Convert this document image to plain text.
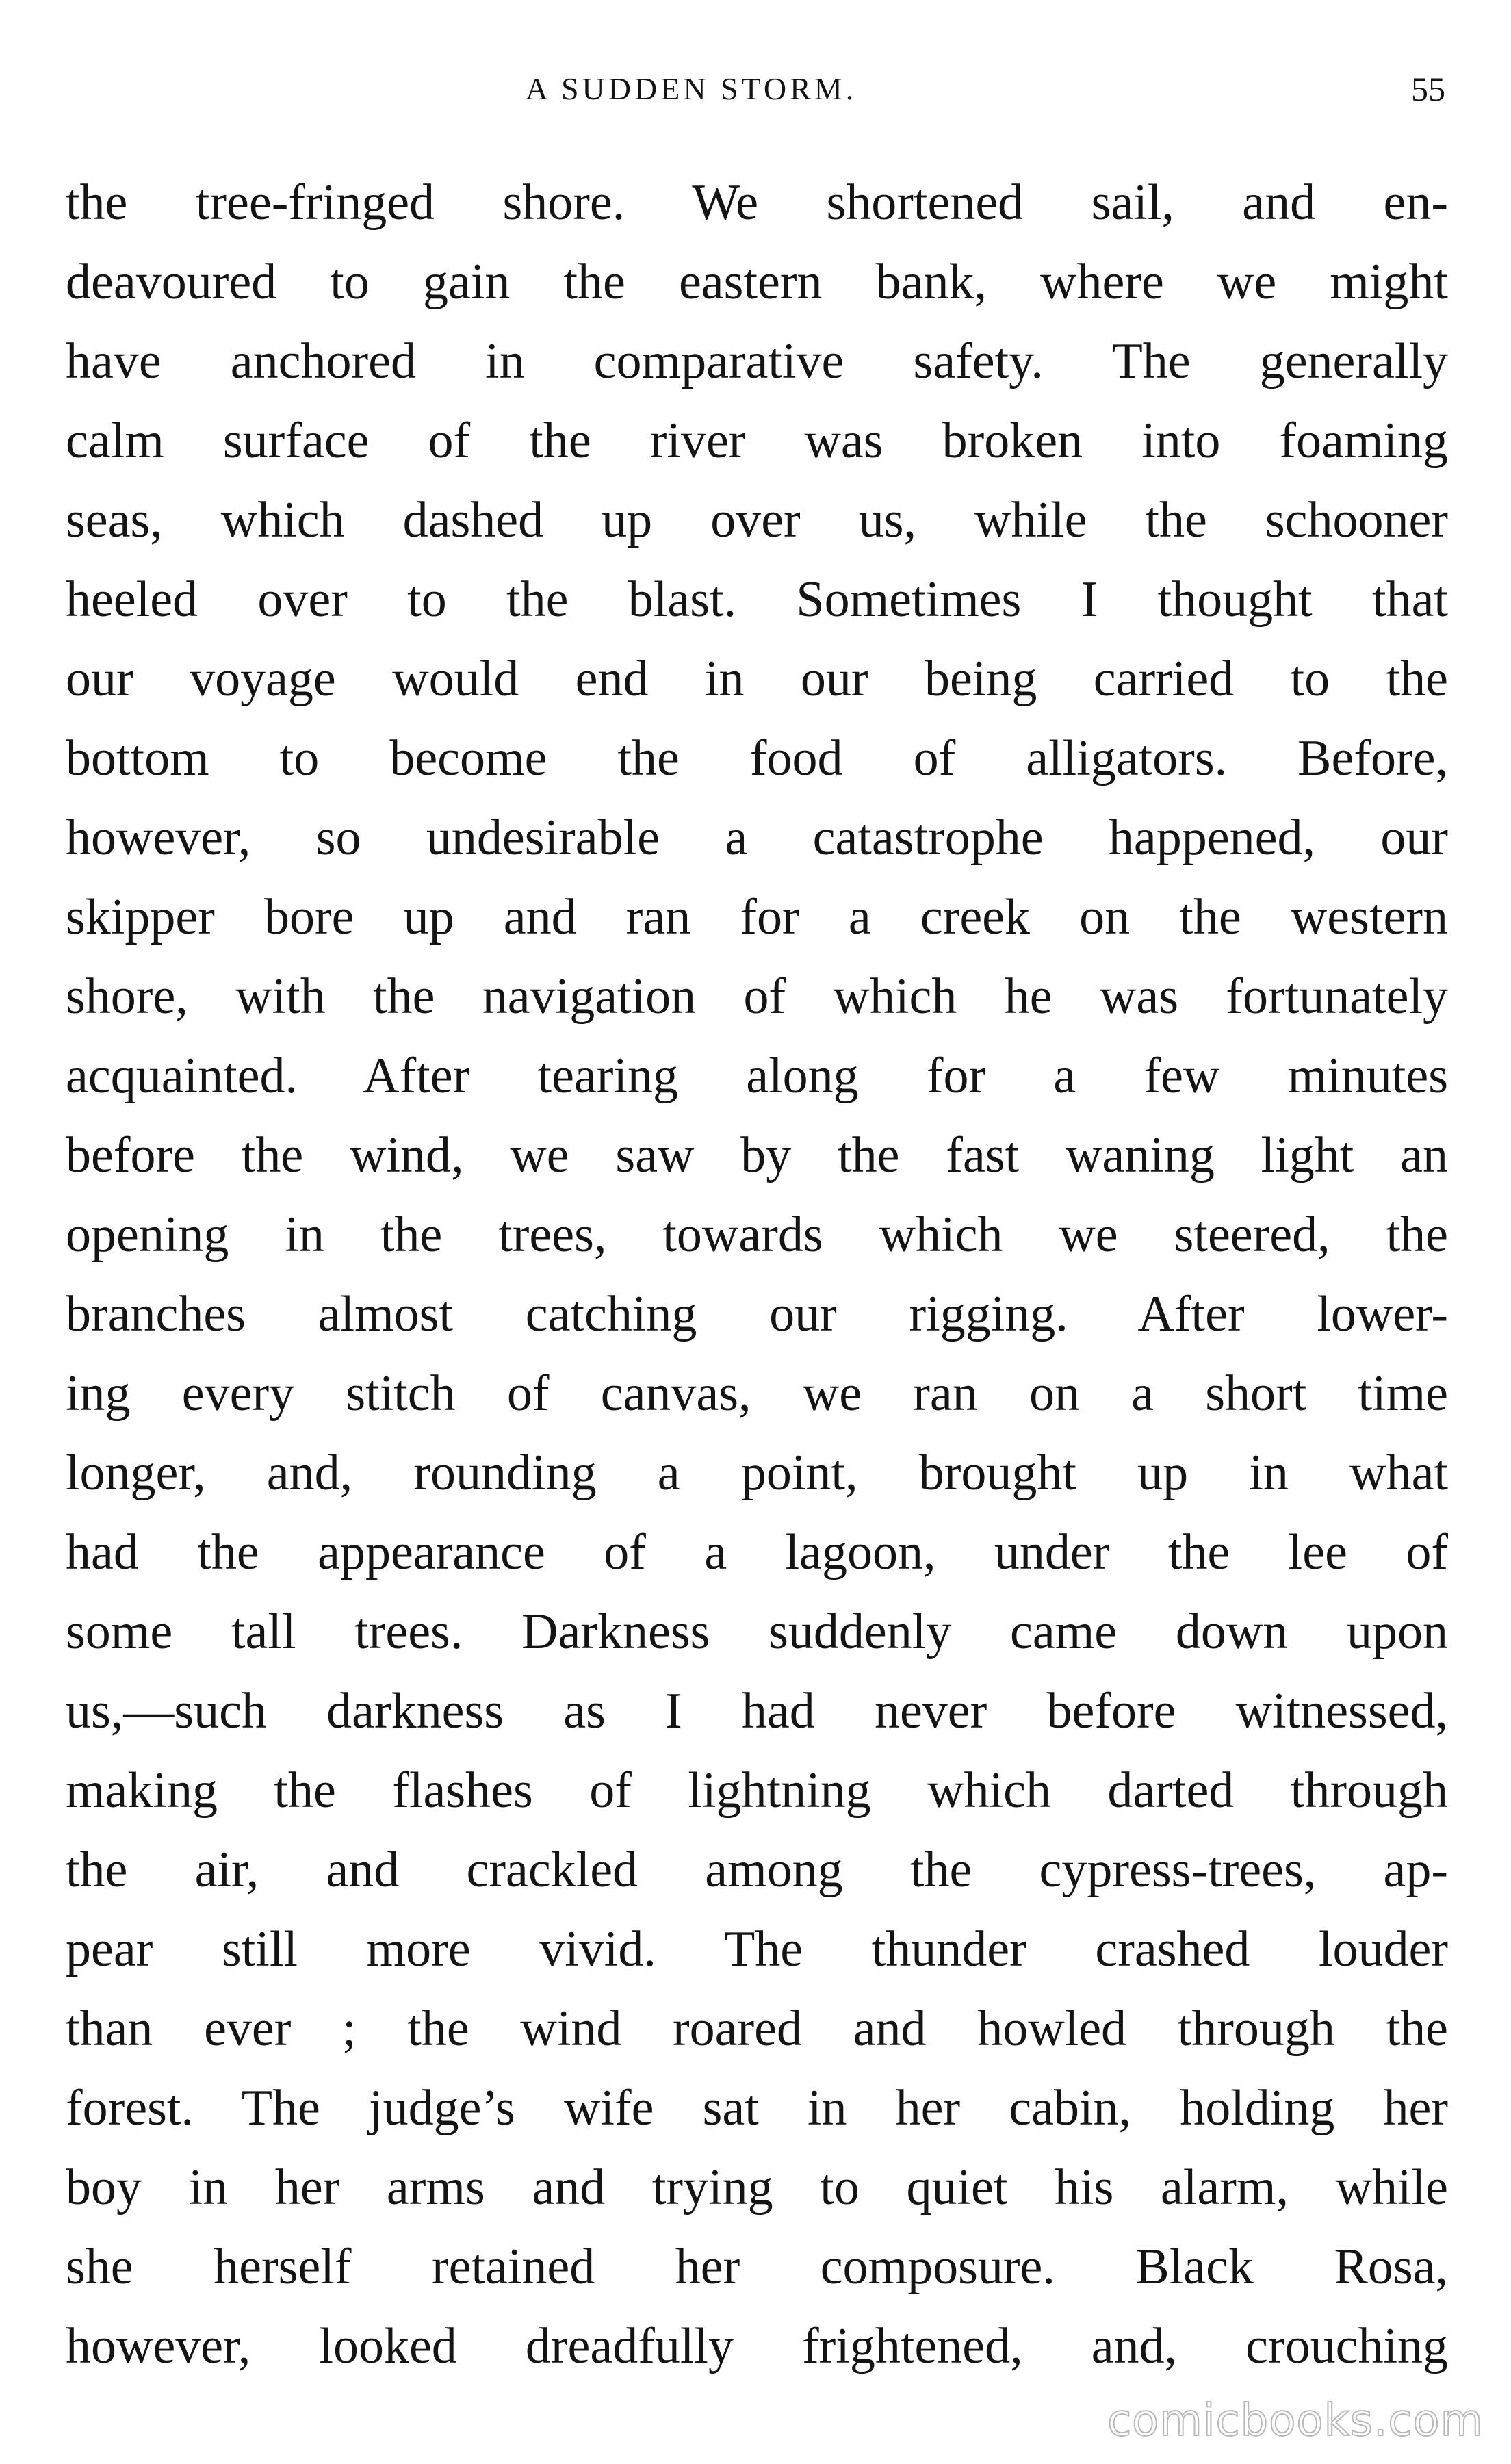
A SUDDEN STORM.	55
the tree-fringed shore. We shortened sail, and en-
deavoured to gain the eastern bank, where we might
have anchored in comparative safety. The generally
calm surface of the river was broken into foaming
seas, which dashed up over us, while the schooner
heeled over to the blast. Sometimes I thought that
our voyage would end in our being carried to the
bottom to become the food of alligators. Before,
however, so undesirable a catastrophe happened, our
skipper bore up and ran for a creek on the western
shore, with the navigation of which he was fortunately
acquainted. After tearing along for a few minutes
before the wind, we saw by the fast waning light an
opening in the trees, towards which we steered, the
branches almost catching our rigging. After lower-
ing every stitch of canvas, we ran on a short time
longer, and, rounding a point, brought up in what
had the appearance of a lagoon, under the lee of
some tall trees. Darkness suddenly came down upon
us,—such darkness as I had never before witnessed,
making the flashes of lightning which darted through
the air, and crackled among the cypress-trees, ap-
pear still more vivid. The thunder crashed louder
than ever ; the wind roared and howled through the
forest. The judge’s wife sat in her cabin, holding her
boy in her arms and trying to quiet his alarm, while
she herself retained her composure. Black Rosa,
however, looked dreadfully frightened, and, crouching
comicbooks.com
